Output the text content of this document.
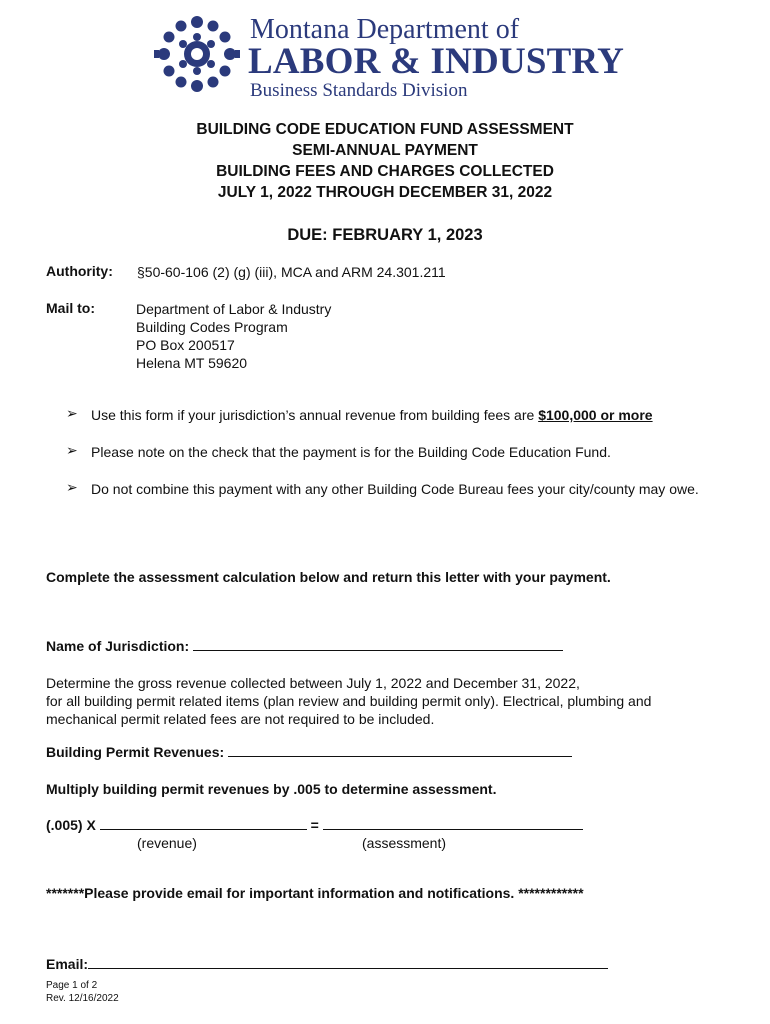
Montana Department of
LABOR & INDUSTRY
Business Standards Division
BUILDING CODE EDUCATION FUND ASSESSMENT
SEMI-ANNUAL PAYMENT
BUILDING FEES AND CHARGES COLLECTED
JULY 1, 2022 THROUGH DECEMBER 31, 2022
DUE: FEBRUARY 1, 2023
Authority: §50-60-106 (2) (g) (iii), MCA and ARM 24.301.211
Mail to:	Department of Labor & Industry
Building Codes Program
PO Box 200517
Helena MT 59620
➢ Use this form if your jurisdiction’s annual revenue from building fees are $100,000 or more
➢ Please note on the check that the payment is for the Building Code Education Fund.
➢ Do not combine this payment with any other Building Code Bureau fees your city/county may owe.
Complete the assessment calculation below and return this letter with your payment.
Name of Jurisdiction:
Determine the gross revenue collected between July 1, 2022 and December 31, 2022,
for all building permit related items (plan review and building permit only). Electrical, plumbing and
mechanical permit related fees are not required to be included.
Building Permit Revenues:
Multiply building permit revenues by .005 to determine assessment.
(.005) X	=
(revenue)	(assessment)
*******Please provide email for important information and notifications. ************
Email:
Page 1 of 2
Rev. 12/16/2022
